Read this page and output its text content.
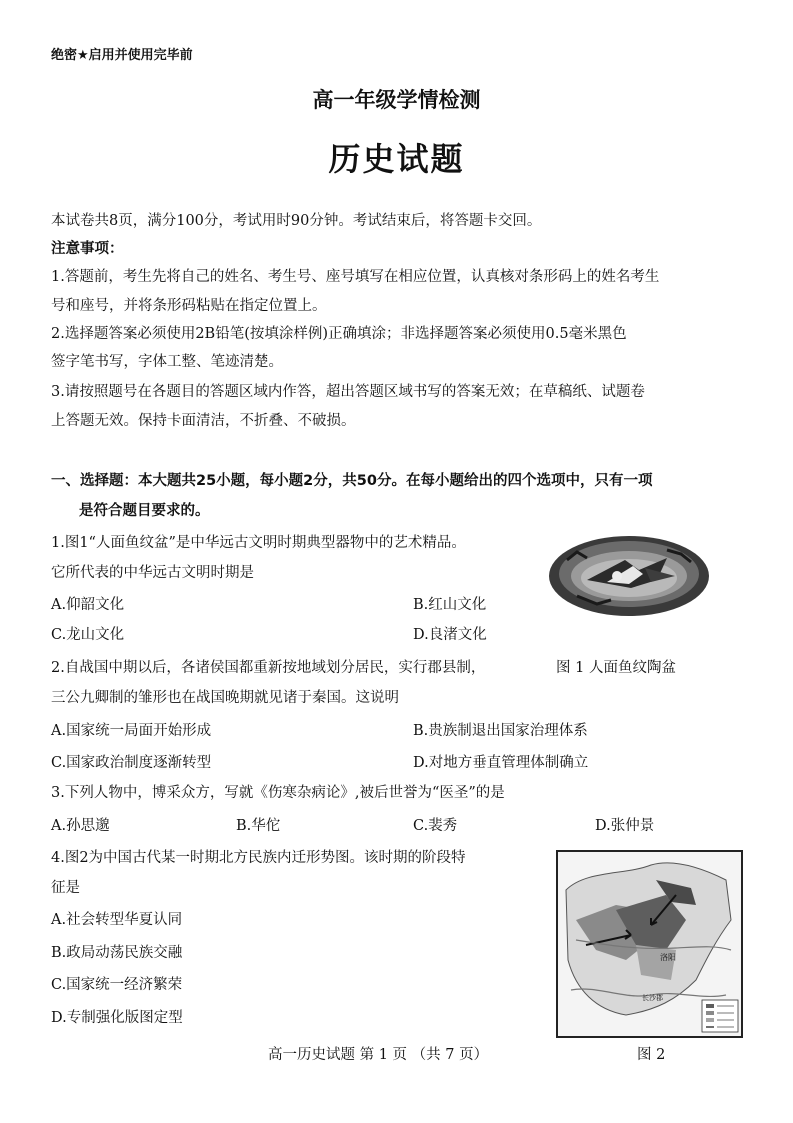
绝密★启用并使用完毕前
高一年级学情检测
历史试题
本试卷共8页，满分100分，考试用时90分钟。考试结束后，将答题卡交回。
注意事项：
1.答题前，考生先将自己的姓名、考生号、座号填写在相应位置，认真核对条形码上的姓名考生
号和座号，并将条形码粘贴在指定位置上。
2.选择题答案必须使用2B铅笔(按填涂样例)正确填涂；非选择题答案必须使用0.5毫米黑色
签字笔书写，字体工整、笔迹清楚。
3.请按照题号在各题目的答题区域内作答，超出答题区域书写的答案无效；在草稿纸、试题卷
上答题无效。保持卡面清洁，不折叠、不破损。
一、选择题：本大题共25小题，每小题2分，共50分。在每小题给出的四个选项中，只有一项
是符合题目要求的。
1.图1“人面鱼纹盆”是中华远古文明时期典型器物中的艺术精品。
它所代表的中华远古文明时期是
A.仰韶文化	B.红山文化
C.龙山文化	D.良渚文化
图 1 人面鱼纹陶盆
2.自战国中期以后，各诸侯国都重新按地域划分居民，实行郡县制，
三公九卿制的雏形也在战国晚期就见诸于秦国。这说明
A.国家统一局面开始形成	B.贵族制退出国家治理体系
C.国家政治制度逐渐转型	D.对地方垂直管理体制确立
3.下列人物中，博采众方，写就《伤寒杂病论》,被后世誉为“医圣”的是
A.孙思邈	B.华佗	C.裴秀	D.张仲景
4.图2为中国古代某一时期北方民族内迁形势图。该时期的阶段特
征是
A.社会转型华夏认同
B.政局动荡民族交融
C.国家统一经济繁荣
D.专制强化版图定型
洛阳
长沙郡
图 2
高一历史试题 第 1 页 （共 7 页）
